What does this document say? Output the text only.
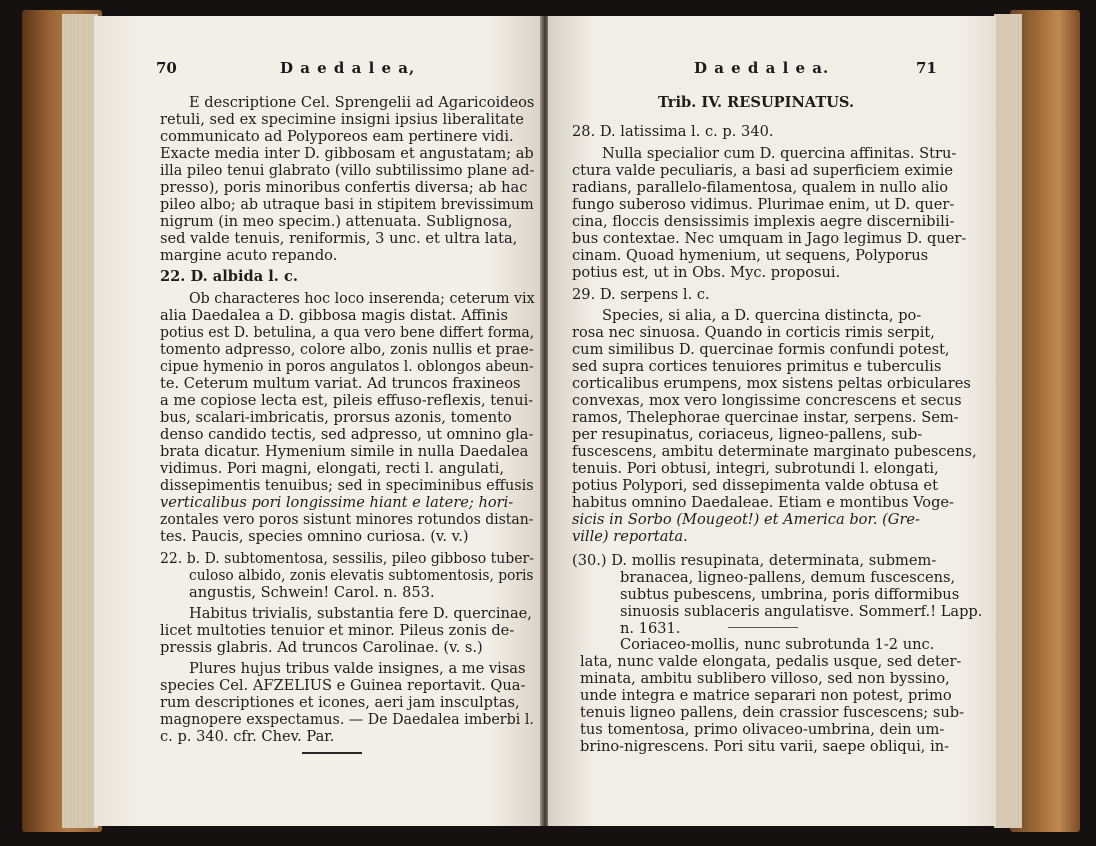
70	D a e d a l e a,
E descriptione Cel. Sprengelii ad Agaricoideos
retuli, sed ex specimine insigni ipsius liberalitate
communicato ad Polyporeos eam pertinere vidi.
Exacte media inter D. gibbosam et angustatam; ab
illa pileo tenui glabrato (villo subtilissimo plane ad-
presso), poris minoribus confertis diversa; ab hac
pileo albo; ab utraque basi in stipitem brevissimum
nigrum (in meo specim.) attenuata. Sublignosa,
sed valde tenuis, reniformis, 3 unc. et ultra lata,
margine acuto repando.
22. D. albida l. c.
Ob characteres hoc loco inserenda; ceterum vix
alia Daedalea a D. gibbosa magis distat. Affinis
potius est D. betulina, a qua vero bene differt forma,
tomento adpresso, colore albo, zonis nullis et prae-
cipue hymenio in poros angulatos l. oblongos abeun-
te. Ceterum multum variat. Ad truncos fraxineos
a me copiose lecta est, pileis effuso-reflexis, tenui-
bus, scalari-imbricatis, prorsus azonis, tomento
denso candido tectis, sed adpresso, ut omnino gla-
brata dicatur. Hymenium simile in nulla Daedalea
vidimus. Pori magni, elongati, recti l. angulati,
dissepimentis tenuibus; sed in speciminibus effusis
verticalibus pori longissime hiant e latere; hori-
zontales vero poros sistunt minores rotundos distan-
tes. Paucis, species omnino curiosa. (v. v.)
22. b. D. subtomentosa, sessilis, pileo gibboso tuber-
culoso albido, zonis elevatis subtomentosis, poris
angustis, Schwein! Carol. n. 853.
Habitus trivialis, substantia fere D. quercinae,
licet multoties tenuior et minor. Pileus zonis de-
pressis glabris. Ad truncos Carolinae. (v. s.)
Plures hujus tribus valde insignes, a me visas
species Cel. AFZELIUS e Guinea reportavit. Qua-
rum descriptiones et icones, aeri jam insculptas,
magnopere exspectamus. — De Daedalea imberbi l.
c. p. 340. cfr. Chev. Par.
D a e d a l e a.	71
Trib. IV. RESUPINATUS.
28. D. latissima l. c. p. 340.
Nulla specialior cum D. quercina affinitas. Stru-
ctura valde peculiaris, a basi ad superficiem eximie
radians, parallelo-filamentosa, qualem in nullo alio
fungo suberoso vidimus. Plurimae enim, ut D. quer-
cina, floccis densissimis implexis aegre discernibili-
bus contextae. Nec umquam in Jago legimus D. quer-
cinam. Quoad hymenium, ut sequens, Polyporus
potius est, ut in Obs. Myc. proposui.
29. D. serpens l. c.
Species, si alia, a D. quercina distincta, po-
rosa nec sinuosa. Quando in corticis rimis serpit,
cum similibus D. quercinae formis confundi potest,
sed supra cortices tenuiores primitus e tuberculis
corticalibus erumpens, mox sistens peltas orbiculares
convexas, mox vero longissime concrescens et secus
ramos, Thelephorae quercinae instar, serpens. Sem-
per resupinatus, coriaceus, ligneo-pallens, sub-
fuscescens, ambitu determinate marginato pubescens,
tenuis. Pori obtusi, integri, subrotundi l. elongati,
potius Polypori, sed dissepimenta valde obtusa et
habitus omnino Daedaleae. Etiam e montibus Voge-
sicis in Sorbo (Mougeot!) et America bor. (Gre-
ville) reportata.
(30.) D. mollis resupinata, determinata, submem-
branacea, ligneo-pallens, demum fuscescens,
subtus pubescens, umbrina, poris difformibus
sinuosis sublaceris angulatisve. Sommerf.! Lapp.
n. 1631.
Coriaceo-mollis, nunc subrotunda 1-2 unc.
lata, nunc valde elongata, pedalis usque, sed deter-
minata, ambitu sublibero villoso, sed non byssino,
unde integra e matrice separari non potest, primo
tenuis ligneo pallens, dein crassior fuscescens; sub-
tus tomentosa, primo olivaceo-umbrina, dein um-
brino-nigrescens. Pori situ varii, saepe obliqui, in-
